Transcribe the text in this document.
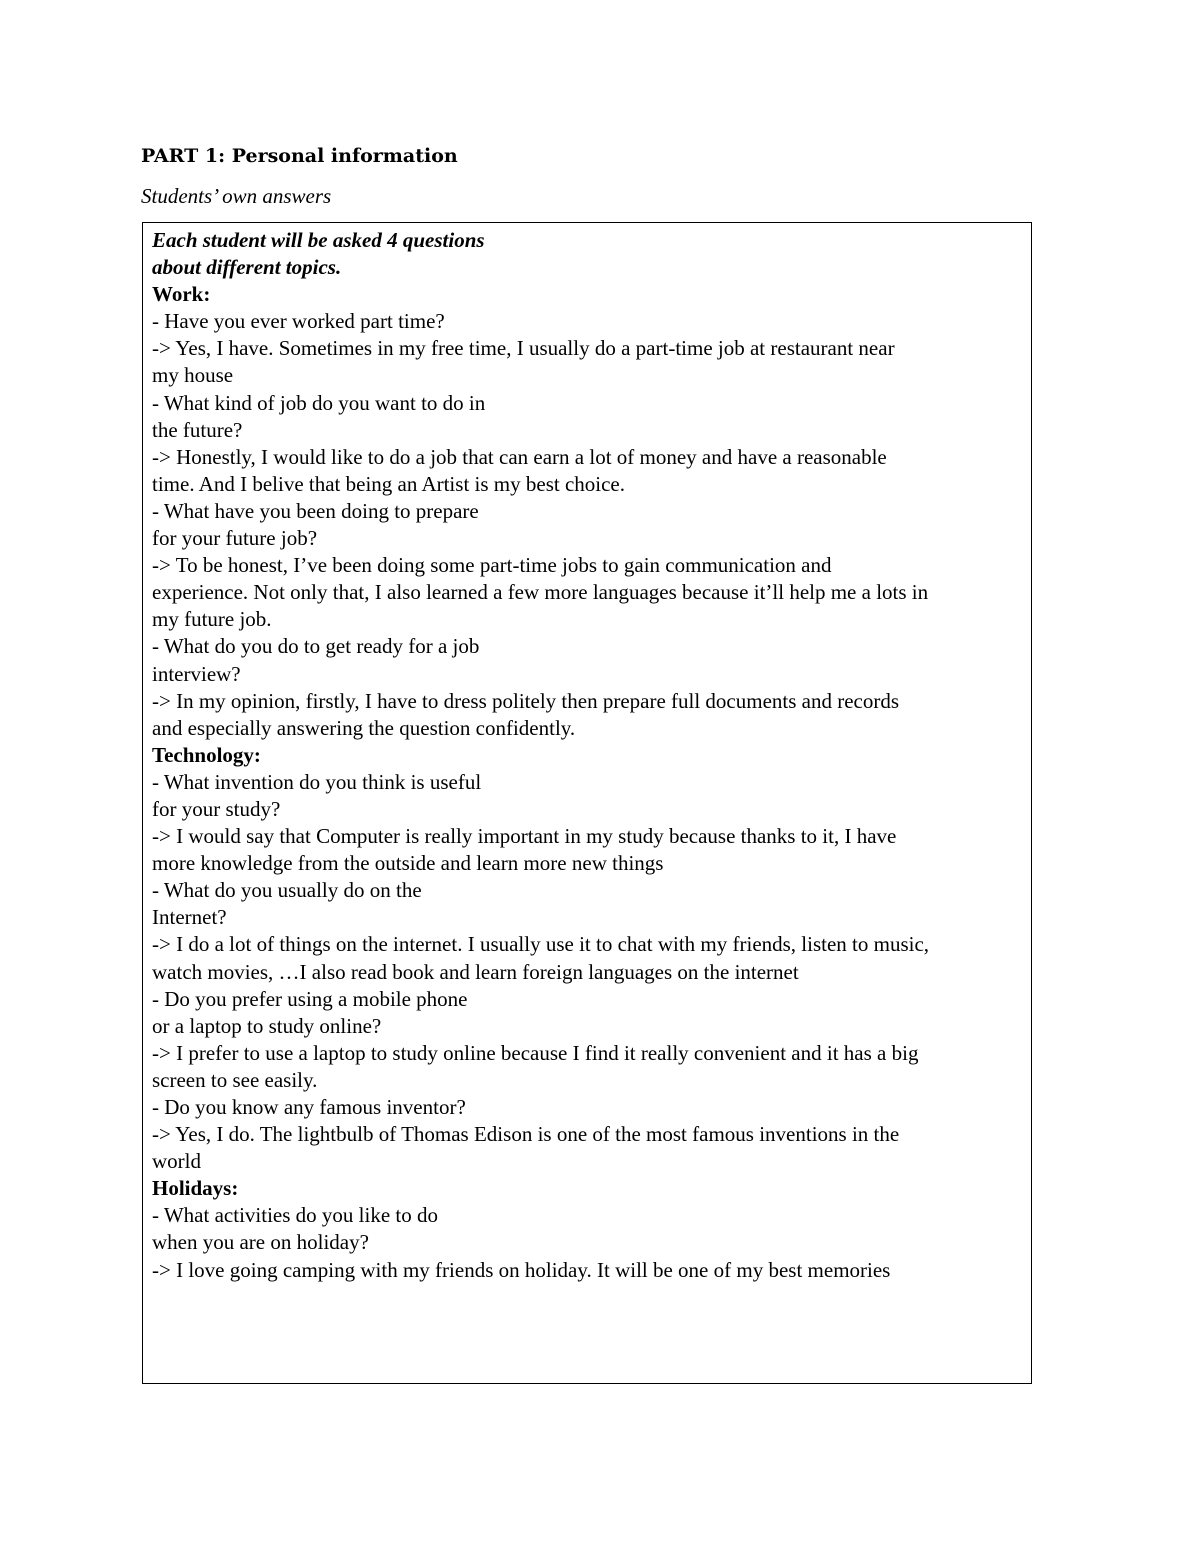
PART 1: Personal information

Students’ own answers

Each student will be asked 4 questions
about different topics.
Work:
- Have you ever worked part time?
-> Yes, I have. Sometimes in my free time, I usually do a part-time job at restaurant near
my house
- What kind of job do you want to do in
the future?
-> Honestly, I would like to do a job that can earn a lot of money and have a reasonable
time. And I belive that being an Artist is my best choice.
- What have you been doing to prepare
for your future job?
-> To be honest, I’ve been doing some part-time jobs to gain communication and
experience. Not only that, I also learned a few more languages because it’ll help me a lots in
my future job.
- What do you do to get ready for a job
interview?
-> In my opinion, firstly, I have to dress politely then prepare full documents and records
and especially answering the question confidently.
Technology:
- What invention do you think is useful
for your study?
-> I would say that Computer is really important in my study because thanks to it, I have
more knowledge from the outside and learn more new things
- What do you usually do on the
Internet?
-> I do a lot of things on the internet. I usually use it to chat with my friends, listen to music,
watch movies, …I also read book and learn foreign languages on the internet
- Do you prefer using a mobile phone
or a laptop to study online?
-> I prefer to use a laptop to study online because I find it really convenient and it has a big
screen to see easily.
- Do you know any famous inventor?
-> Yes, I do. The lightbulb of Thomas Edison is one of the most famous inventions in the
world
Holidays:
- What activities do you like to do
when you are on holiday?
-> I love going camping with my friends on holiday. It will be one of my best memories
